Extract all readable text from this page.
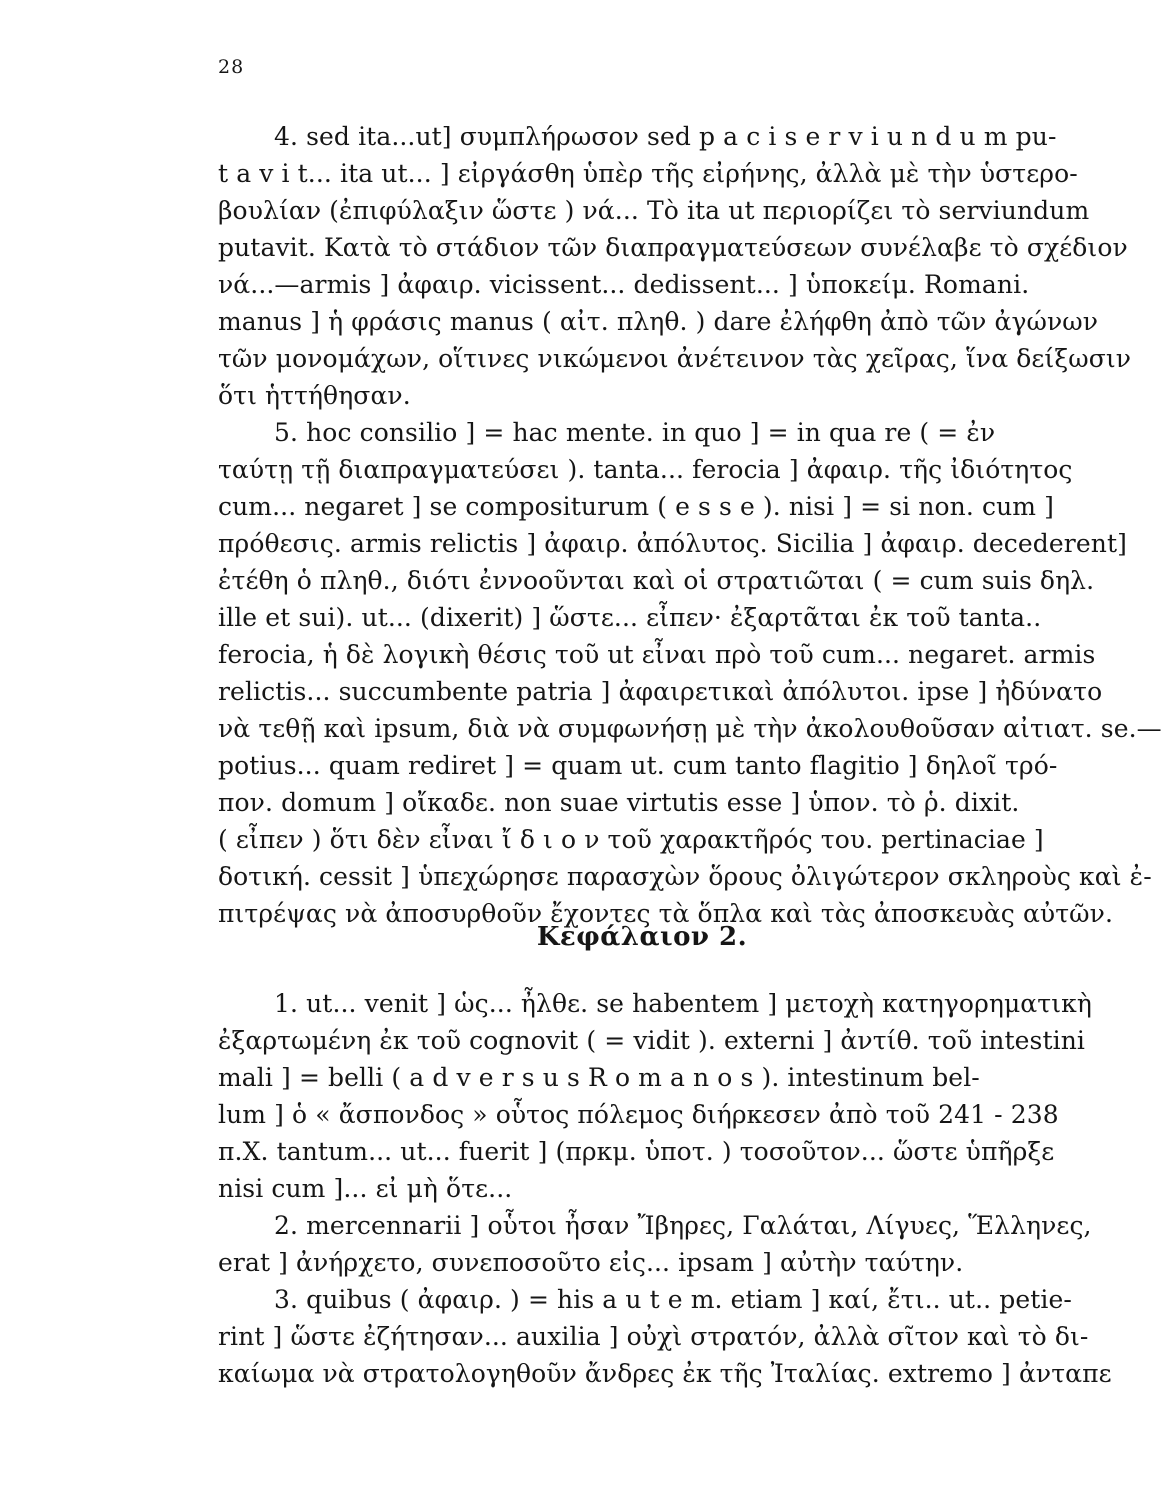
28
4. sed ita...ut] συμπλήρωσον sed p a c i s e r v i u n d u m pu-
t a v i t... ita ut... ] εἰργάσθη ὑπὲρ τῆς εἰρήνης, ἀλλὰ μὲ τὴν ὑστερο-
βουλίαν (ἐπιφύλαξιν ὥστε ) νά... Τὸ ita ut περιορίζει τὸ serviundum
putavit. Κατὰ τὸ στάδιον τῶν διαπραγματεύσεων συνέλαβε τὸ σχέδιον
νά...—armis ] ἀφαιρ. vicissent... dedissent... ] ὑποκείμ. Romani.
manus ] ἡ φράσις manus ( αἰτ. πληθ. ) dare ἐλήφθη ἀπὸ τῶν ἀγώνων
τῶν μονομάχων, οἵτινες νικώμενοι ἀνέτεινον τὰς χεῖρας, ἵνα δείξωσιν
ὅτι ἡττήθησαν.
5. hoc consilio ] = hac mente. in quo ] = in qua re ( = ἐν
ταύτῃ τῇ διαπραγματεύσει ). tanta... ferocia ] ἀφαιρ. τῆς ἰδιότητος
cum... negaret ] se compositurum ( e s s e ). nisi ] = si non. cum ]
πρόθεσις. armis relictis ] ἀφαιρ. ἀπόλυτος. Sicilia ] ἀφαιρ. decederent]
ἐτέθη ὁ πληθ., διότι ἐννοοῦνται καὶ οἱ στρατιῶται ( = cum suis δηλ.
ille et sui). ut... (dixerit) ] ὥστε... εἶπεν· ἐξαρτᾶται ἐκ τοῦ tanta..
ferocia, ἡ δὲ λογικὴ θέσις τοῦ ut εἶναι πρὸ τοῦ cum... negaret. armis
relictis... succumbente patria ] ἀφαιρετικαὶ ἀπόλυτοι. ipse ] ἠδύνατο
νὰ τεθῇ καὶ ipsum, διὰ νὰ συμφωνήσῃ μὲ τὴν ἀκολουθοῦσαν αἰτιατ. se.—
potius... quam rediret ] = quam ut. cum tanto flagitio ] δηλοῖ τρό-
πον. domum ] οἴκαδε. non suae virtutis esse ] ὑπον. τὸ ῥ. dixit.
( εἶπεν ) ὅτι δὲν εἶναι ἴ δ ι ο ν τοῦ χαρακτῆρός του. pertinaciae ]
δοτική. cessit ] ὑπεχώρησε παρασχὼν ὅρους ὀλιγώτερον σκληροὺς καὶ ἐ-
πιτρέψας νὰ ἀποσυρθοῦν ἔχοντες τὰ ὅπλα καὶ τὰς ἀποσκευὰς αὐτῶν.
Κεφάλαιον 2.
1. ut... venit ] ὡς... ἦλθε. se habentem ] μετοχὴ κατηγορηματικὴ
ἐξαρτωμένη ἐκ τοῦ cognovit ( = vidit ). externi ] ἀντίθ. τοῦ intestini
mali ] = belli ( a d v e r s u s R o m a n o s ). intestinum bel-
lum ] ὁ « ἄσπονδος » οὗτος πόλεμος διήρκεσεν ἀπὸ τοῦ 241 - 238
π.Χ. tantum... ut... fuerit ] (πρκμ. ὑποτ. ) τοσοῦτον... ὥστε ὑπῆρξε
nisi cum ]... εἰ μὴ ὅτε...
2. mercennarii ] οὗτοι ἦσαν Ἴβηρες, Γαλάται, Λίγυες, Ἕλληνες,
erat ] ἀνήρχετο, συνεποσοῦτο εἰς... ipsam ] αὐτὴν ταύτην.
3. quibus ( ἀφαιρ. ) = his a u t e m. etiam ] καί, ἔτι.. ut.. petie-
rint ] ὥστε ἐζήτησαν... auxilia ] οὐχὶ στρατόν, ἀλλὰ σῖτον καὶ τὸ δι-
καίωμα νὰ στρατολογηθοῦν ἄνδρες ἐκ τῆς Ἰταλίας. extremo ] ἀνταπε
